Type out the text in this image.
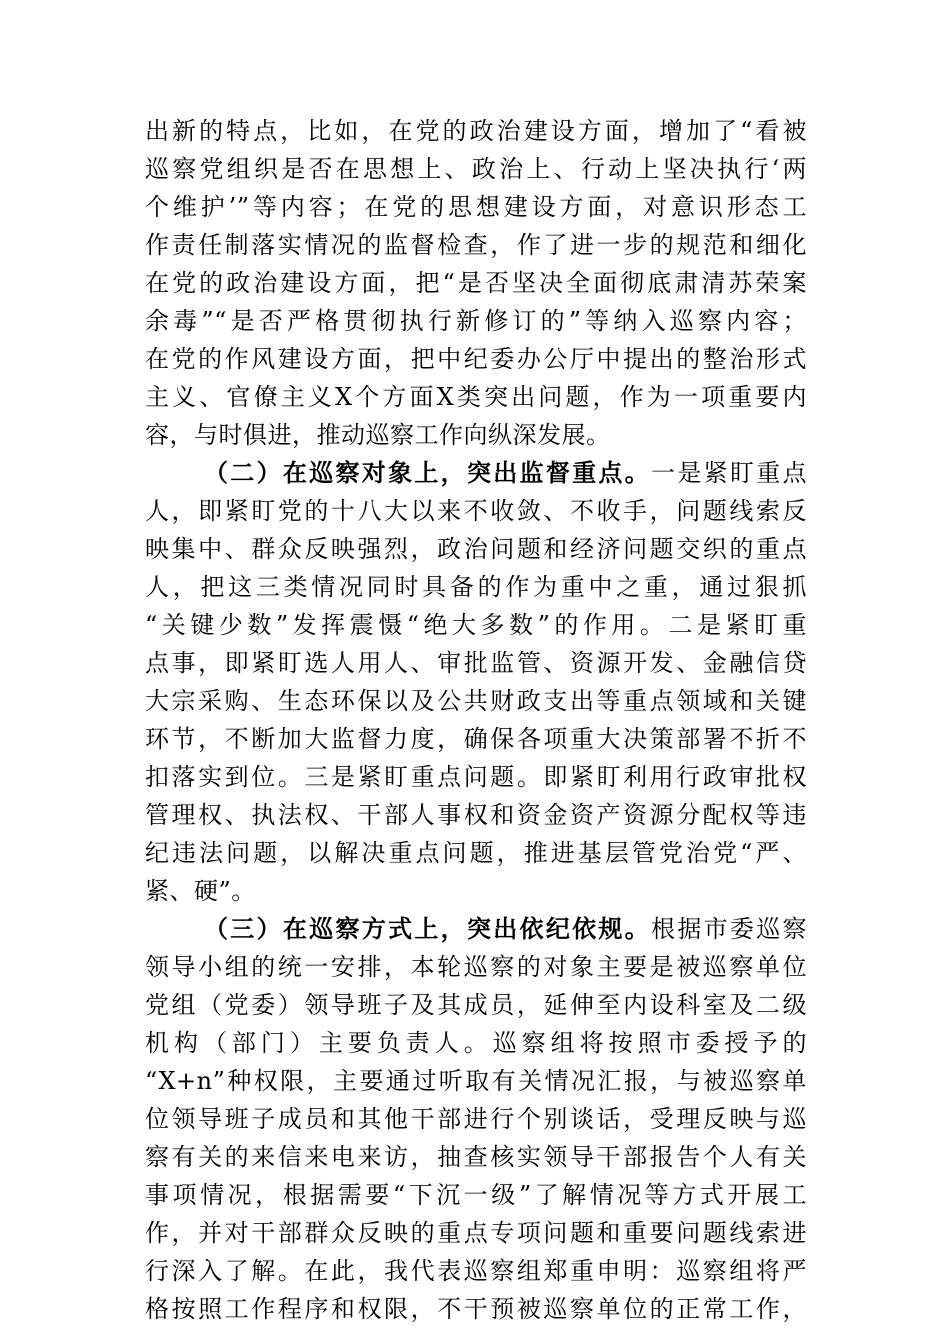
出新的特点，比如，在党的政治建设方面，增加了“看被
巡察党组织是否在思想上、政治上、行动上坚决执行‘两
个维护’”等内容；在党的思想建设方面，对意识形态工
作责任制落实情况的监督检查，作了进一步的规范和细化
在党的政治建设方面，把“是否坚决全面彻底肃清苏荣案
余毒”“是否严格贯彻执行新修订的”等纳入巡察内容；
在党的作风建设方面，把中纪委办公厅中提出的整治形式
主义、官僚主义X个方面X类突出问题，作为一项重要内
容，与时俱进，推动巡察工作向纵深发展。
（二）在巡察对象上，突出监督重点。一是紧盯重点
人，即紧盯党的十八大以来不收敛、不收手，问题线索反
映集中、群众反映强烈，政治问题和经济问题交织的重点
人，把这三类情况同时具备的作为重中之重，通过狠抓
“关键少数”发挥震慑“绝大多数”的作用。二是紧盯重
点事，即紧盯选人用人、审批监管、资源开发、金融信贷
大宗采购、生态环保以及公共财政支出等重点领域和关键
环节，不断加大监督力度，确保各项重大决策部署不折不
扣落实到位。三是紧盯重点问题。即紧盯利用行政审批权
管理权、执法权、干部人事权和资金资产资源分配权等违
纪违法问题，以解决重点问题，推进基层管党治党“严、
紧、硬”。
（三）在巡察方式上，突出依纪依规。根据市委巡察
领导小组的统一安排，本轮巡察的对象主要是被巡察单位
党组（党委）领导班子及其成员，延伸至内设科室及二级
机构（部门）主要负责人。巡察组将按照市委授予的
“X+n”种权限，主要通过听取有关情况汇报，与被巡察单
位领导班子成员和其他干部进行个别谈话，受理反映与巡
察有关的来信来电来访，抽查核实领导干部报告个人有关
事项情况，根据需要“下沉一级”了解情况等方式开展工
作，并对干部群众反映的重点专项问题和重要问题线索进
行深入了解。在此，我代表巡察组郑重申明：巡察组将严
格按照工作程序和权限，不干预被巡察单位的正常工作，
